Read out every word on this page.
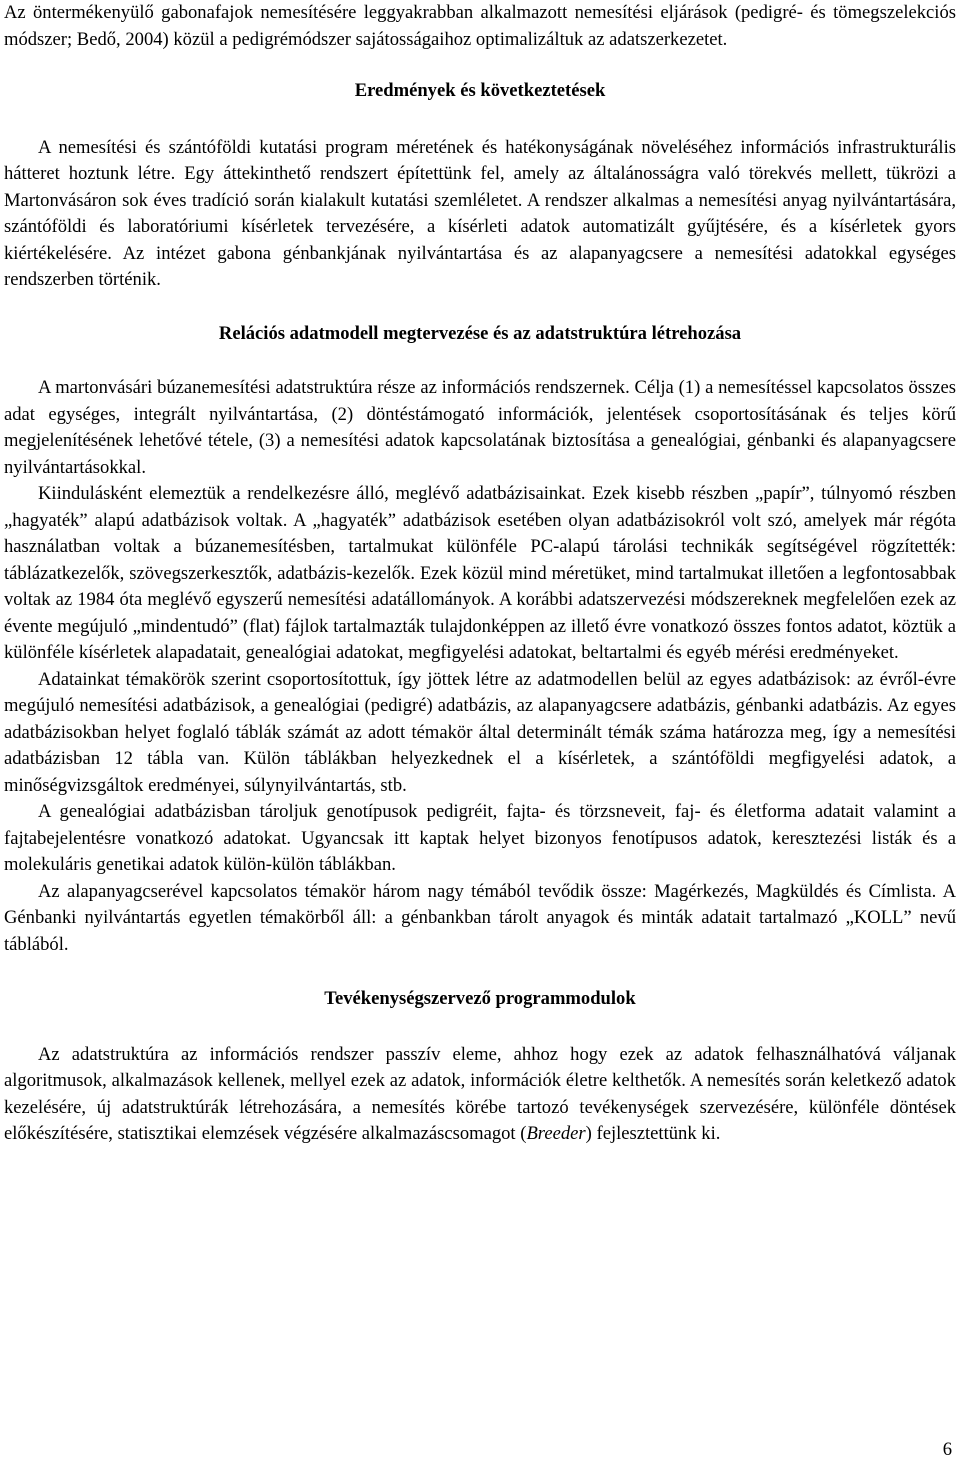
Az öntermékenyülő gabonafajok nemesítésére leggyakrabban alkalmazott nemesítési eljárások (pedigré- és tömegszelekciós módszer; Bedő, 2004) közül a pedigrémódszer sajátosságaihoz optimalizáltuk az adatszerkezetet.

Eredmények és következtetések

A nemesítési és szántóföldi kutatási program méretének és hatékonyságának növeléséhez információs infrastrukturális hátteret hoztunk létre. Egy áttekinthető rendszert építettünk fel, amely az általánosságra való törekvés mellett, tükrözi a Martonvásáron sok éves tradíció során kialakult kutatási szemléletet. A rendszer alkalmas a nemesítési anyag nyilvántartására, szántóföldi és laboratóriumi kísérletek tervezésére, a kísérleti adatok automatizált gyűjtésére, és a kísérletek gyors kiértékelésére. Az intézet gabona génbankjának nyilvántartása és az alapanyagcsere a nemesítési adatokkal egységes rendszerben történik.

Relációs adatmodell megtervezése és az adatstruktúra létrehozása

A martonvásári búzanemesítési adatstruktúra része az információs rendszernek. Célja (1) a nemesítéssel kapcsolatos összes adat egységes, integrált nyilvántartása, (2) döntéstámogató információk, jelentések csoportosításának és teljes körű megjelenítésének lehetővé tétele, (3) a nemesítési adatok kapcsolatának biztosítása a genealógiai, génbanki és alapanyagcsere nyilvántartásokkal.

Kiindulásként elemeztük a rendelkezésre álló, meglévő adatbázisainkat. Ezek kisebb részben „papír”, túlnyomó részben „hagyaték” alapú adatbázisok voltak. A „hagyaték” adatbázisok esetében olyan adatbázisokról volt szó, amelyek már régóta használatban voltak a búzanemesítésben, tartalmukat különféle PC-alapú tárolási technikák segítségével rögzítették: táblázatkezelők, szövegszerkesztők, adatbázis-kezelők. Ezek közül mind méretüket, mind tartalmukat illetően a legfontosabbak voltak az 1984 óta meglévő egyszerű nemesítési adatállományok. A korábbi adatszervezési módszereknek megfelelően ezek az évente megújuló „mindentudó” (flat) fájlok tartalmazták tulajdonképpen az illető évre vonatkozó összes fontos adatot, köztük a különféle kísérletek alapadatait, genealógiai adatokat, megfigyelési adatokat, beltartalmi és egyéb mérési eredményeket.

Adatainkat témakörök szerint csoportosítottuk, így jöttek létre az adatmodellen belül az egyes adatbázisok: az évről-évre megújuló nemesítési adatbázisok, a genealógiai (pedigré) adatbázis, az alapanyagcsere adatbázis, génbanki adatbázis. Az egyes adatbázisokban helyet foglaló táblák számát az adott témakör által determinált témák száma határozza meg, így a nemesítési adatbázisban 12 tábla van. Külön táblákban helyezkednek el a kísérletek, a szántóföldi megfigyelési adatok, a minőségvizsgáltok eredményei, súlynyilvántartás, stb.

A genealógiai adatbázisban tároljuk genotípusok pedigréit, fajta- és törzsneveit, faj- és életforma adatait valamint a fajtabejelentésre vonatkozó adatokat. Ugyancsak itt kaptak helyet bizonyos fenotípusos adatok, keresztezési listák és a molekuláris genetikai adatok külön-külön táblákban.

Az alapanyagcserével kapcsolatos témakör három nagy témából tevődik össze: Magérkezés, Magküldés és Címlista. A Génbanki nyilvántartás egyetlen témakörből áll: a génbankban tárolt anyagok és minták adatait tartalmazó „KOLL” nevű táblából.

Tevékenységszervező programmodulok

Az adatstruktúra az információs rendszer passzív eleme, ahhoz hogy ezek az adatok felhasználhatóvá váljanak algoritmusok, alkalmazások kellenek, mellyel ezek az adatok, információk életre kelthetők. A nemesítés során keletkező adatok kezelésére, új adatstruktúrák létrehozására, a nemesítés körébe tartozó tevékenységek szervezésére, különféle döntések előkészítésére, statisztikai elemzések végzésére alkalmazáscsomagot (Breeder) fejlesztettünk ki.

6
